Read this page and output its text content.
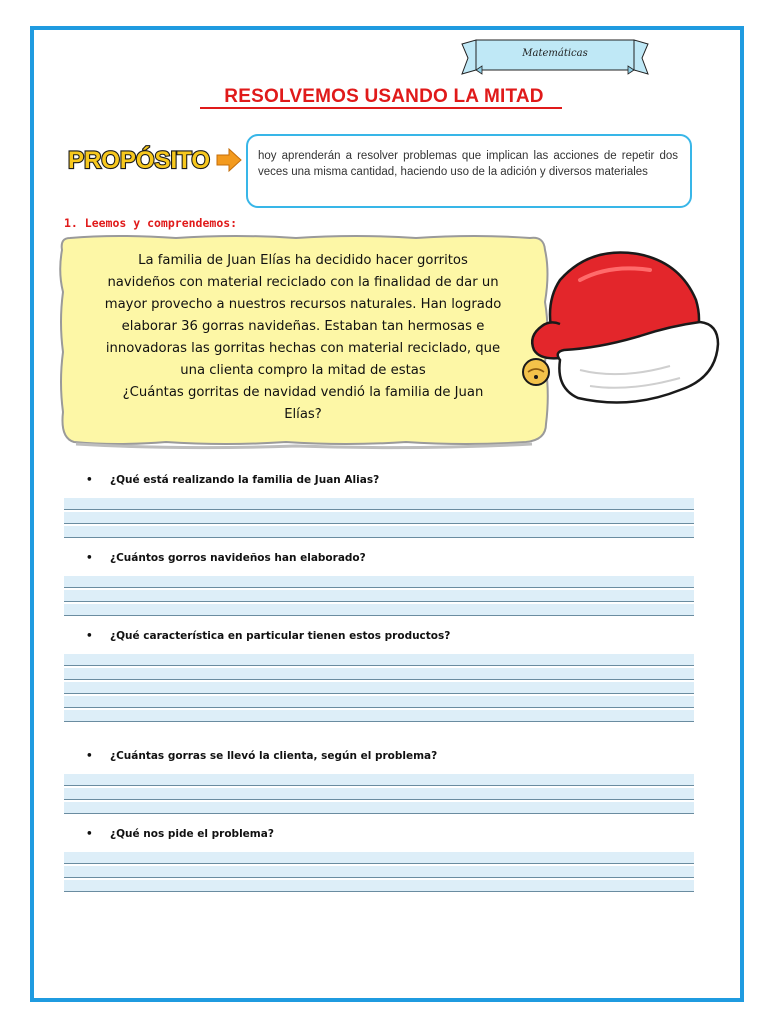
Matemáticas
RESOLVEMOS USANDO LA MITAD
PROPÓSITO	hoy aprenderán a resolver problemas que implican las acciones de repetir dos veces una misma cantidad, haciendo uso de la adición y diversos materiales
1. Leemos y comprendemos:
La familia de Juan Elías ha decidido hacer gorritos
navideños con material reciclado con la finalidad de dar un
mayor provecho a nuestros recursos naturales. Han logrado
elaborar 36 gorras navideñas. Estaban tan hermosas e
innovadoras las gorritas hechas con material reciclado, que
una clienta compro la mitad de estas
¿Cuántas gorritas de navidad vendió la familia de Juan
Elías?
• ¿Qué está realizando la familia de Juan Alias?
• ¿Cuántos gorros navideños han elaborado?
• ¿Qué característica en particular tienen estos productos?
• ¿Cuántas gorras se llevó la clienta, según el problema?
• ¿Qué nos pide el problema?
